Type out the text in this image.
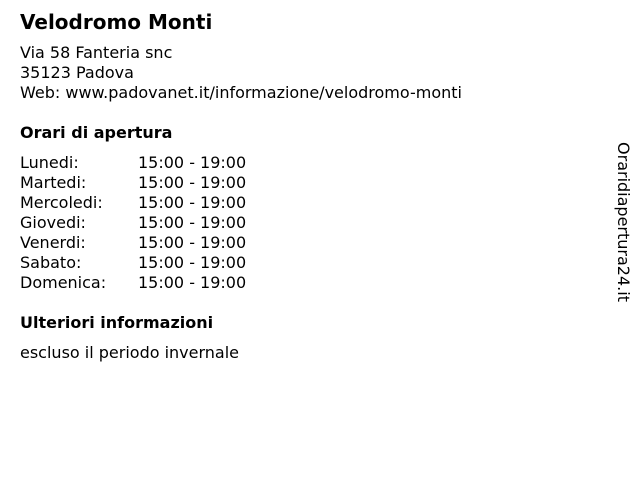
Velodromo Monti
Via 58 Fanteria snc
35123 Padova
Web: www.padovanet.it/informazione/velodromo-monti
Orari di apertura
Lunedi:	15:00 - 19:00
Martedi:	15:00 - 19:00
Mercoledi: 15:00 - 19:00
Giovedi:	15:00 - 19:00
Venerdi:	15:00 - 19:00
Sabato:	15:00 - 19:00
Domenica: 15:00 - 19:00
Ulteriori informazioni
escluso il periodo invernale
Oraridiapertura24.it
